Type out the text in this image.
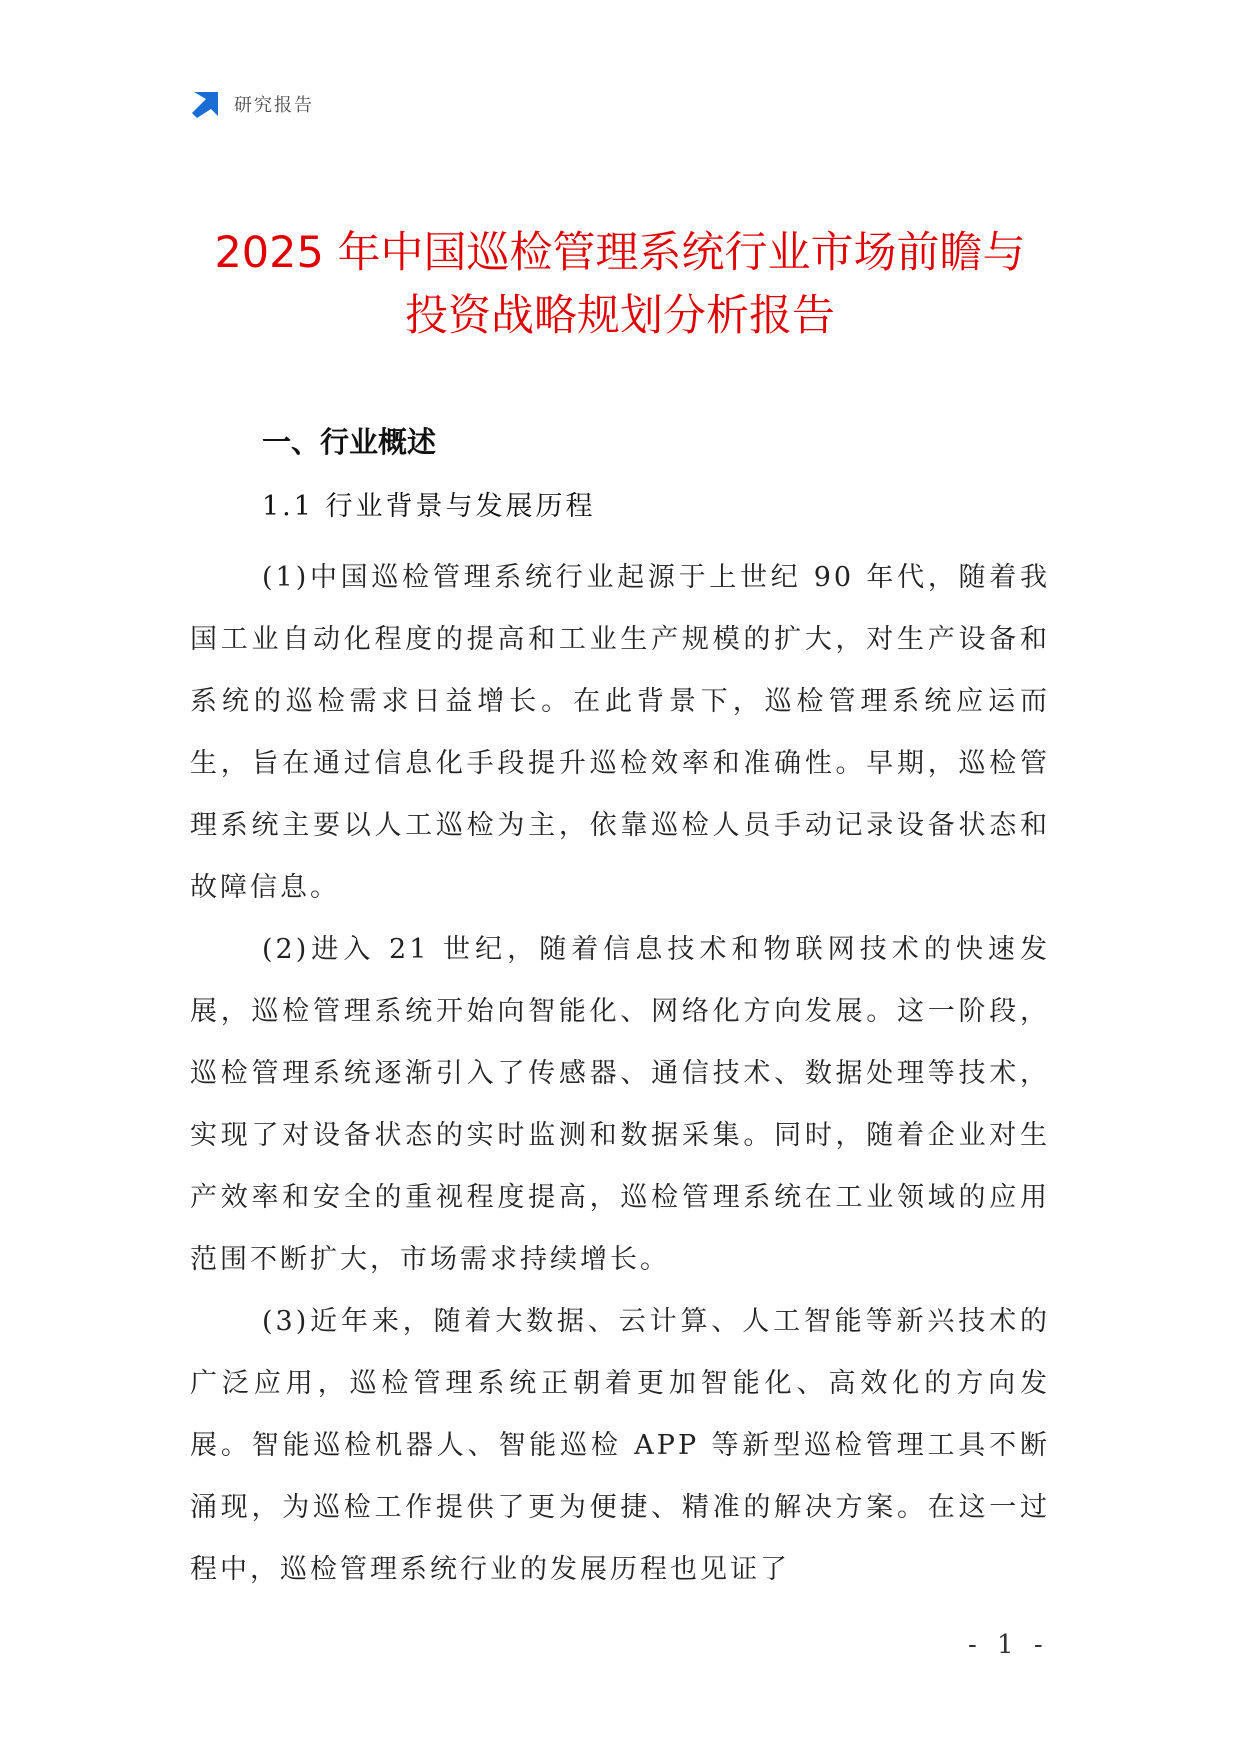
研究报告
2025 年中国巡检管理系统行业市场前瞻与
投资战略规划分析报告
一、行业概述
1.1 行业背景与发展历程

(1)中国巡检管理系统行业起源于上世纪 90 年代，随着我国工业自动化程度的提高和工业生产规模的扩大，对生产设备和系统的巡检需求日益增长。在此背景下，巡检管理系统应运而生，旨在通过信息化手段提升巡检效率和准确性。早期，巡检管理系统主要以人工巡检为主，依靠巡检人员手动记录设备状态和故障信息。

(2)进入 21 世纪，随着信息技术和物联网技术的快速发展，巡检管理系统开始向智能化、网络化方向发展。这一阶段，巡检管理系统逐渐引入了传感器、通信技术、数据处理等技术，实现了对设备状态的实时监测和数据采集。同时，随着企业对生产效率和安全的重视程度提高，巡检管理系统在工业领域的应用范围不断扩大，市场需求持续增长。

(3)近年来，随着大数据、云计算、人工智能等新兴技术的广泛应用，巡检管理系统正朝着更加智能化、高效化的方向发展。智能巡检机器人、智能巡检 APP 等新型巡检管理工具不断涌现，为巡检工作提供了更为便捷、精准的解决方案。在这一过程中，巡检管理系统行业的发展历程也见证了

- 1 -
